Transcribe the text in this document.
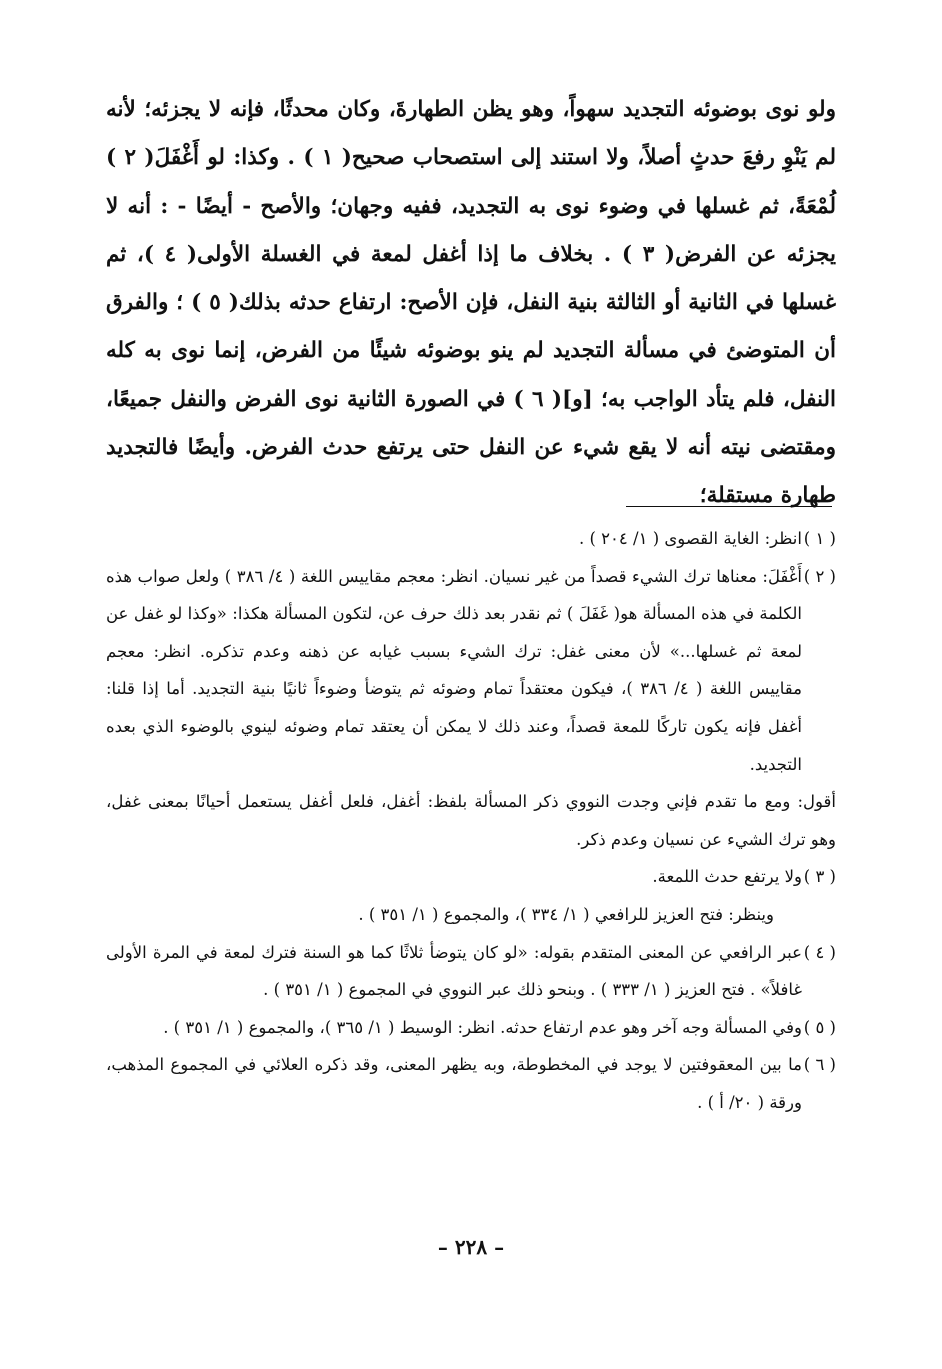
ولو نوى بوضوئه التجديد سهواً، وهو يظن الطهارةَ، وكان محدثًا، فإنه لا يجزئه؛ لأنه لم يَنْوِ رفعَ حدثٍ أصلاً، ولا استند إلى استصحاب صحيح( ١ ) . وكذا: لو أَغْفَلَ( ٢ ) لُمْعَةً، ثم غسلها في وضوء نوى به التجديد، ففيه وجهان؛ والأصح - أيضًا - : أنه لا يجزئه عن الفرض( ٣ ) . بخلاف ما إذا أغفل لمعة في الغسلة الأولى( ٤ )، ثم غسلها في الثانية أو الثالثة بنية النفل، فإن الأصح: ارتفاع حدثه بذلك( ٥ ) ؛ والفرق أن المتوضئ في مسألة التجديد لم ينو بوضوئه شيئًا من الفرض، إنما نوى به كله النفل، فلم يتأد الواجب به؛ [و]( ٦ ) في الصورة الثانية نوى الفرض والنفل جميعًا، ومقتضى نيته أنه لا يقع شيء عن النفل حتى يرتفع حدث الفرض. وأيضًا فالتجديد طهارة مستقلة؛

( ١ )

انظر: الغاية القصوى ( ١/ ٢٠٤ ) .

( ٢ )

أَغْفَلَ: معناها ترك الشيء قصداً من غير نسيان. انظر: معجم مقاييس اللغة ( ٤/ ٣٨٦ ) ولعل صواب هذه الكلمة في هذه المسألة هو( غَفَلَ ) ثم نقدر بعد ذلك حرف عن، لتكون المسألة هكذا: «وكذا لو غفل عن لمعة ثم غسلها...» لأن معنى غفل: ترك الشيء بسبب غيابه عن ذهنه وعدم تذكره. انظر: معجم مقاييس اللغة ( ٤/ ٣٨٦ )، فيكون معتقداً تمام وضوئه ثم يتوضأ وضوءاً ثانيًا بنية التجديد. أما إذا قلنا: أغفل فإنه يكون تاركًا للمعة قصداً، وعند ذلك لا يمكن أن يعتقد تمام وضوئه لينوي بالوضوء الذي بعده التجديد.

أقول: ومع ما تقدم فإني وجدت النووي ذكر المسألة بلفظ: أغفل، فلعل أغفل يستعمل أحيانًا بمعنى غفل، وهو ترك الشيء عن نسيان وعدم ذكر.

( ٣ )

ولا يرتفع حدث اللمعة.

وينظر: فتح العزيز للرافعي ( ١/ ٣٣٤ )، والمجموع ( ١/ ٣٥١ ) .

( ٤ )

عبر الرافعي عن المعنى المتقدم بقوله: «لو كان يتوضأ ثلاثًا كما هو السنة فترك لمعة في المرة الأولى غافلاً» . فتح العزيز ( ١/ ٣٣٣ ) . وبنحو ذلك عبر النووي في المجموع ( ١/ ٣٥١ ) .

( ٥ )

وفي المسألة وجه آخر وهو عدم ارتفاع حدثه. انظر: الوسيط ( ١/ ٣٦٥ )، والمجموع ( ١/ ٣٥١ ) .

( ٦ )

ما بين المعقوفتين لا يوجد في المخطوطة، وبه يظهر المعنى، وقد ذكره العلائي في المجموع المذهب، ورقة ( ٢٠/ أ ) .

– ٢٢٨ –
